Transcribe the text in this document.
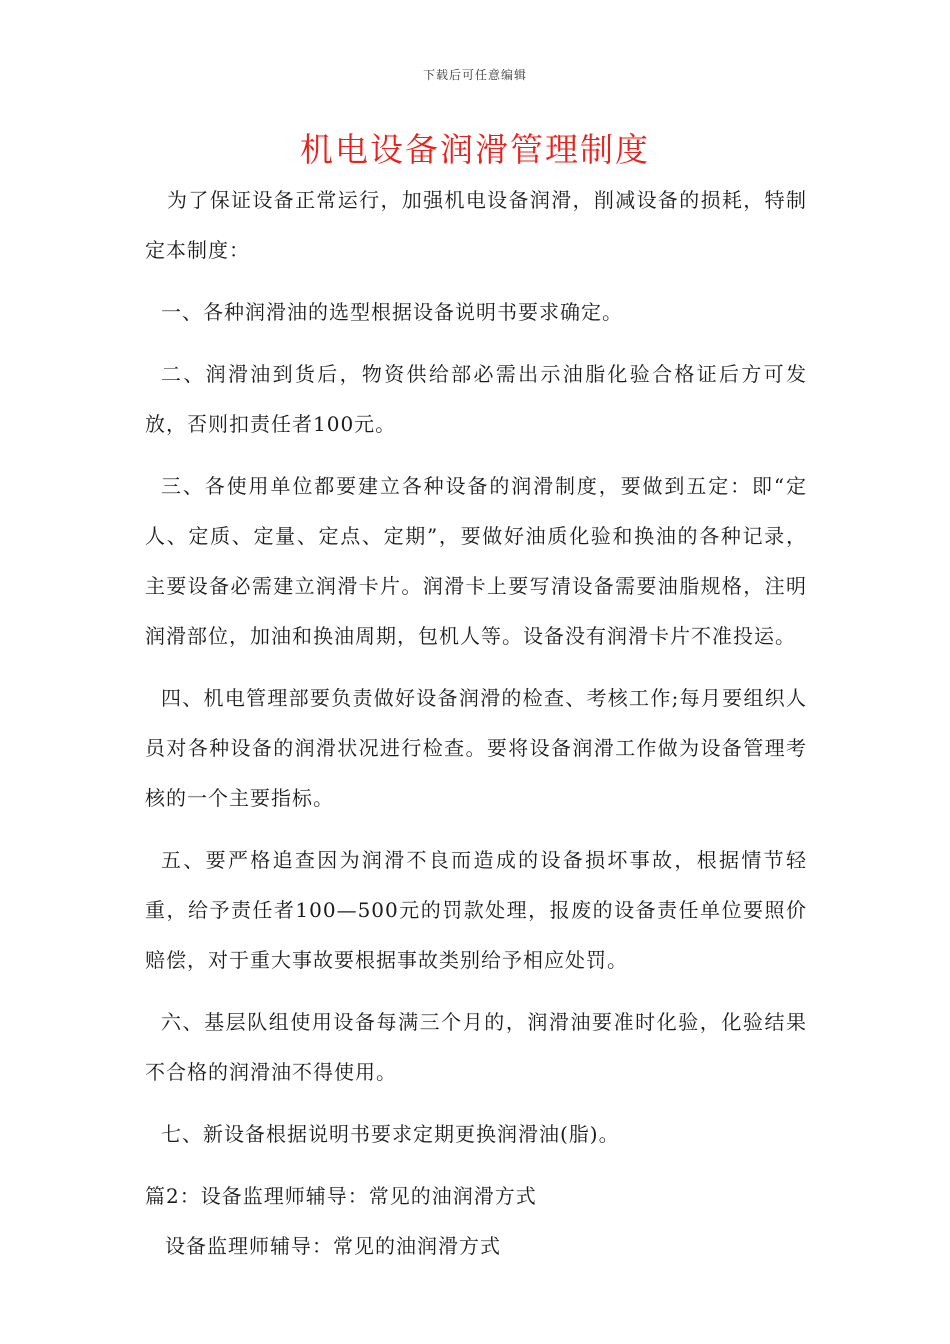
下载后可任意编辑
机电设备润滑管理制度

为了保证设备正常运行，加强机电设备润滑，削减设备的损耗，特制定本制度：

一、各种润滑油的选型根据设备说明书要求确定。

二、润滑油到货后，物资供给部必需出示油脂化验合格证后方可发放，否则扣责任者100元。

三、各使用单位都要建立各种设备的润滑制度，要做到五定：即“定人、定质、定量、定点、定期”，要做好油质化验和换油的各种记录，主要设备必需建立润滑卡片。润滑卡上要写清设备需要油脂规格，注明润滑部位，加油和换油周期，包机人等。设备没有润滑卡片不准投运。

四、机电管理部要负责做好设备润滑的检查、考核工作;每月要组织人员对各种设备的润滑状况进行检查。要将设备润滑工作做为设备管理考核的一个主要指标。

五、要严格追查因为润滑不良而造成的设备损坏事故，根据情节轻重，给予责任者100—500元的罚款处理，报废的设备责任单位要照价赔偿，对于重大事故要根据事故类别给予相应处罚。

六、基层队组使用设备每满三个月的，润滑油要准时化验，化验结果不合格的润滑油不得使用。

七、新设备根据说明书要求定期更换润滑油(脂)。

篇2：设备监理师辅导：常见的油润滑方式

设备监理师辅导：常见的油润滑方式
